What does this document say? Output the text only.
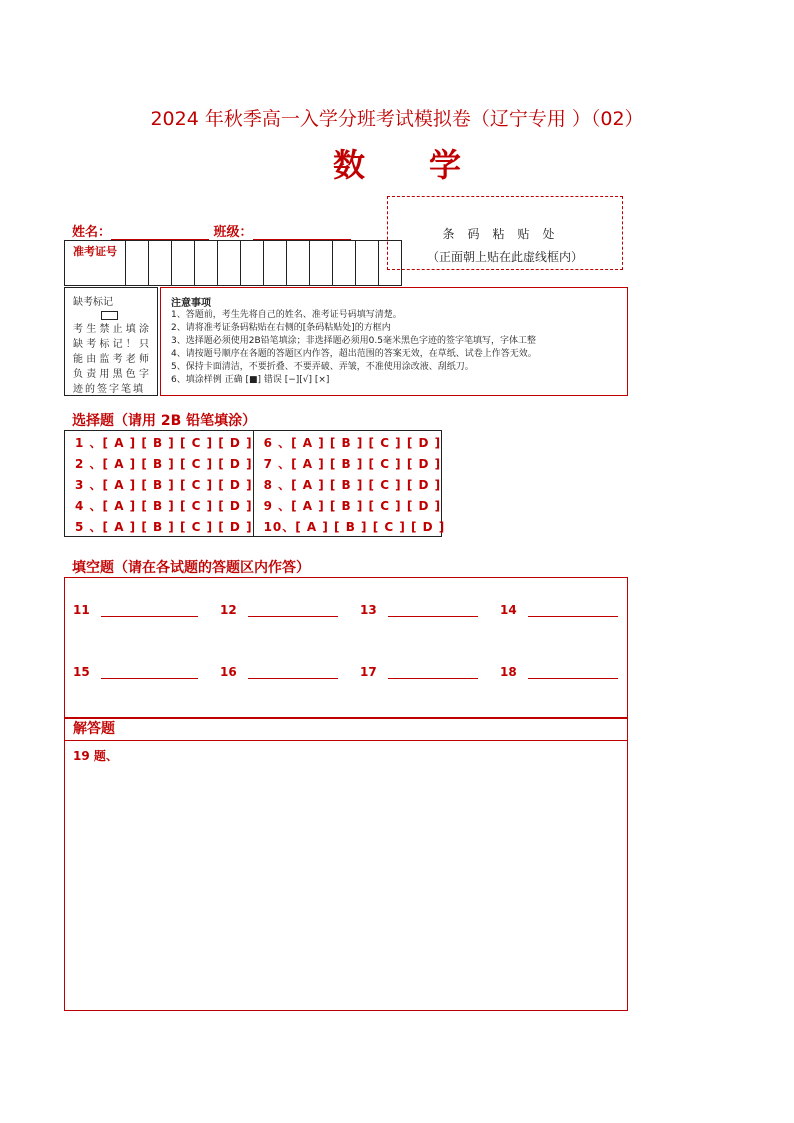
2024 年秋季高一入学分班考试模拟卷（辽宁专用 ）（02）
数学
姓名：	班级：	条码粘贴处
（正面朝上贴在此虚线框内）
准考证号
缺考标记
考生禁止填涂缺考标记！只能由监考老师负责用黑色字迹的签字笔填
注意事项
1、答题前，考生先将自己的姓名、准考证号码填写清楚。
2、请将准考证条码粘贴在右侧的[条码粘贴处]的方框内
3、选择题必须使用2B铅笔填涂；非选择题必须用0.5毫米黑色字迹的签字笔填写，字体工整
4、请按题号顺序在各题的答题区内作答，超出范围的答案无效，在草纸、试卷上作答无效。
5、保持卡面清洁，不要折叠、不要弄破、弄皱，不准使用涂改液、刮纸刀。
6、填涂样例 正确 [■] 错误 [−][√] [×]
选择题（请用 2B 铅笔填涂）
1 、[ A ] [ B ] [ C ] [ D ]
2 、[ A ] [ B ] [ C ] [ D ]
3 、[ A ] [ B ] [ C ] [ D ]
4 、[ A ] [ B ] [ C ] [ D ]
5 、[ A ] [ B ] [ C ] [ D ]
6 、[ A ] [ B ] [ C ] [ D ]
7 、[ A ] [ B ] [ C ] [ D ]
8 、[ A ] [ B ] [ C ] [ D ]
9 、[ A ] [ B ] [ C ] [ D ]
10、[ A ] [ B ] [ C ] [ D ]
填空题（请在各试题的答题区内作答）
11	12	13	14
15	16	17	18
解答题
19 题、
